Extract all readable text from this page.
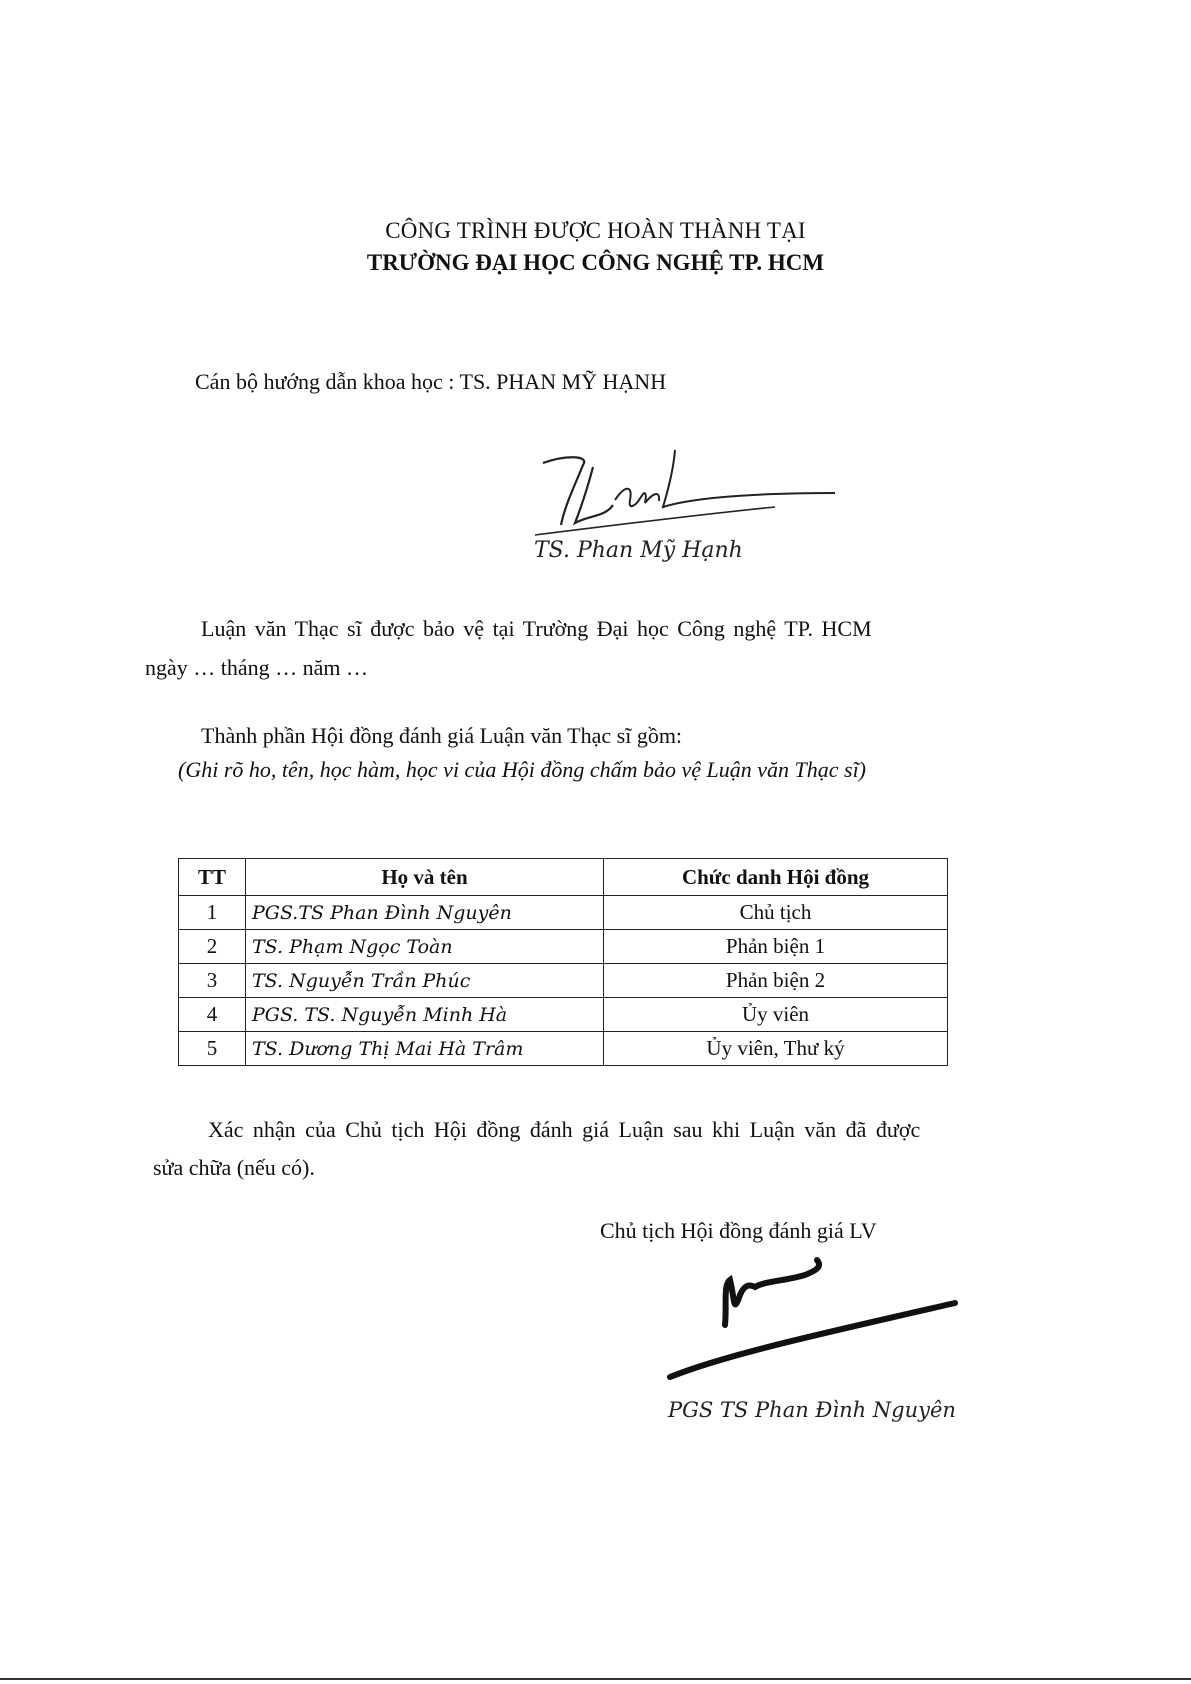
CÔNG TRÌNH ĐƯỢC HOÀN THÀNH TẠI
TRƯỜNG ĐẠI HỌC CÔNG NGHỆ TP. HCM
Cán bộ hướng dẫn khoa học : TS. PHAN MỸ HẠNH
TS. Phan Mỹ Hạnh
Luận văn Thạc sĩ được bảo vệ tại Trường Đại học Công nghệ TP. HCM
ngày … tháng … năm …
Thành phần Hội đồng đánh giá Luận văn Thạc sĩ gồm:
(Ghi rõ ho, tên, học hàm, học vi của Hội đồng chấm bảo vệ Luận văn Thạc sĩ)
TT	Họ và tên	Chức danh Hội đồng
1	PGS.TS Phan Đình Nguyên	Chủ tịch
2	TS. Phạm Ngọc Toàn	Phản biện 1
3	TS. Nguyễn Trần Phúc	Phản biện 2
4	PGS. TS. Nguyễn Minh Hà	Ủy viên
5	TS. Dương Thị Mai Hà Trâm	Ủy viên, Thư ký
Xác nhận của Chủ tịch Hội đồng đánh giá Luận sau khi Luận văn đã được
sửa chữa (nếu có).
Chủ tịch Hội đồng đánh giá LV
PGS TS Phan Đình Nguyên
